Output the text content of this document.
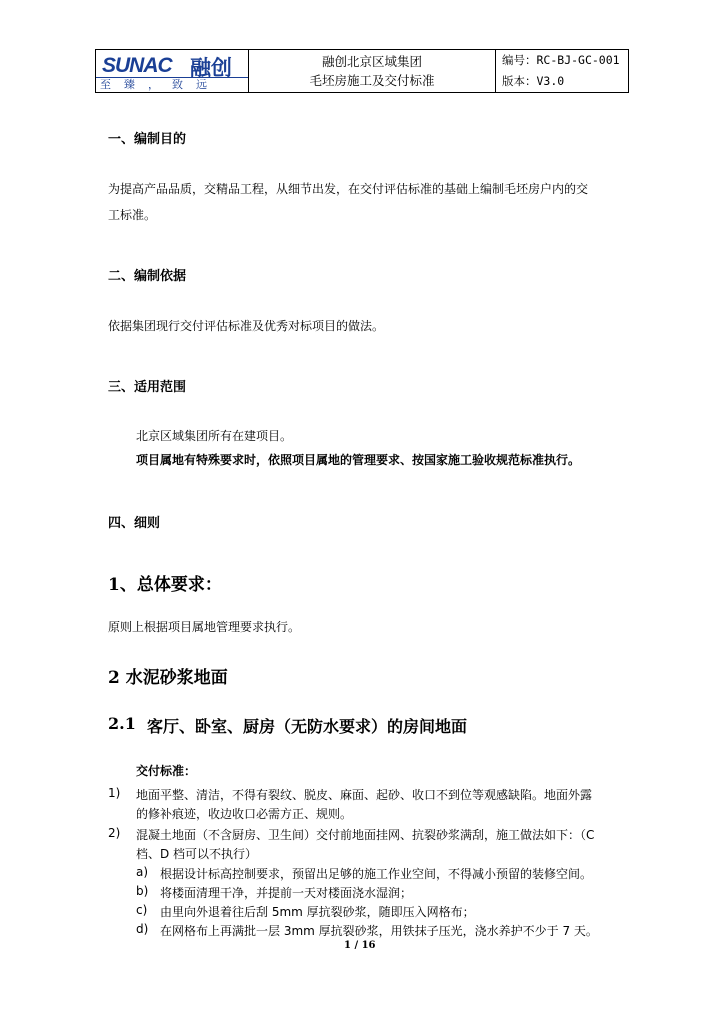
SUNAC 融创
至臻，致远

融创北京区域集团
毛坯房施工及交付标准
	编号：RC-BJ-GC-001
版本：V3.0
一、编制目的
为提高产品品质，交精品工程，从细节出发，在交付评估标准的基础上编制毛坯房户内的交
工标准。
二、编制依据
依据集团现行交付评估标准及优秀对标项目的做法。
三、适用范围
北京区域集团所有在建项目。
项目属地有特殊要求时，依照项目属地的管理要求、按国家施工验收规范标准执行。
四、细则
1、总体要求：
原则上根据项目属地管理要求执行。
2 水泥砂浆地面
2.1 客厅、卧室、厨房（无防水要求）的房间地面
交付标准：
1) 地面平整、清洁，不得有裂纹、脱皮、麻面、起砂、收口不到位等观感缺陷。地面外露
的修补痕迹，收边收口必需方正、规则。
2) 混凝土地面（不含厨房、卫生间）交付前地面挂网、抗裂砂浆满刮，施工做法如下：（C
档、D 档可以不执行）
a) 根据设计标高控制要求，预留出足够的施工作业空间，不得减小预留的装修空间。
b) 将楼面清理干净，并提前一天对楼面浇水湿润；
c) 由里向外退着往后刮 5mm 厚抗裂砂浆，随即压入网格布；
d) 在网格布上再满批一层 3mm 厚抗裂砂浆，用铁抹子压光，浇水养护不少于 7 天。
1 / 16
